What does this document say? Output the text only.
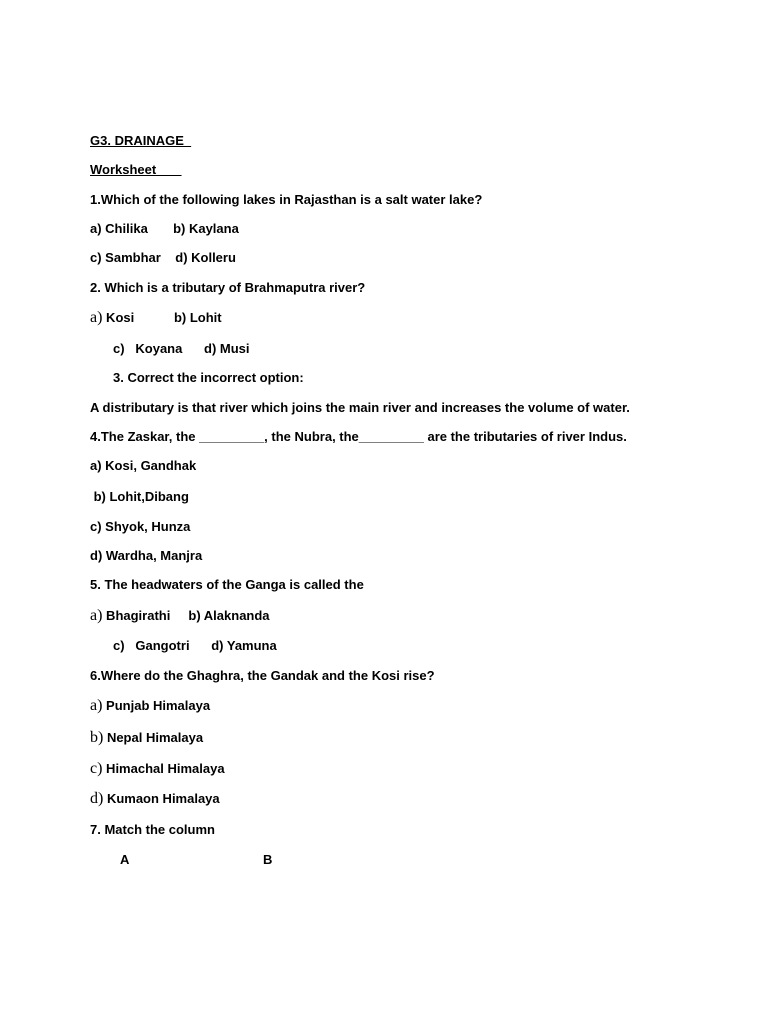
G3. DRAINAGE
Worksheet
1.Which of the following lakes in Rajasthan is a salt water lake?
a) Chilika       b) Kaylana
c) Sambhar    d) Kolleru
2. Which is a tributary of Brahmaputra river?
a) Kosi           b) Lohit
c)   Koyana      d) Musi
3. Correct the incorrect option:
A distributary is that river which joins the main river and increases the volume of water.
4.The Zaskar, the _________, the Nubra, the_________ are the tributaries of river Indus.
a) Kosi, Gandhak
b) Lohit,Dibang
c) Shyok, Hunza
d) Wardha, Manjra
5. The headwaters of the Ganga is called the
a) Bhagirathi     b) Alaknanda
c)   Gangotri      d) Yamuna
6.Where do the Ghaghra, the Gandak and the Kosi rise?
a) Punjab Himalaya
b) Nepal Himalaya
c) Himachal Himalaya
d) Kumaon Himalaya
7. Match the column
A	B
